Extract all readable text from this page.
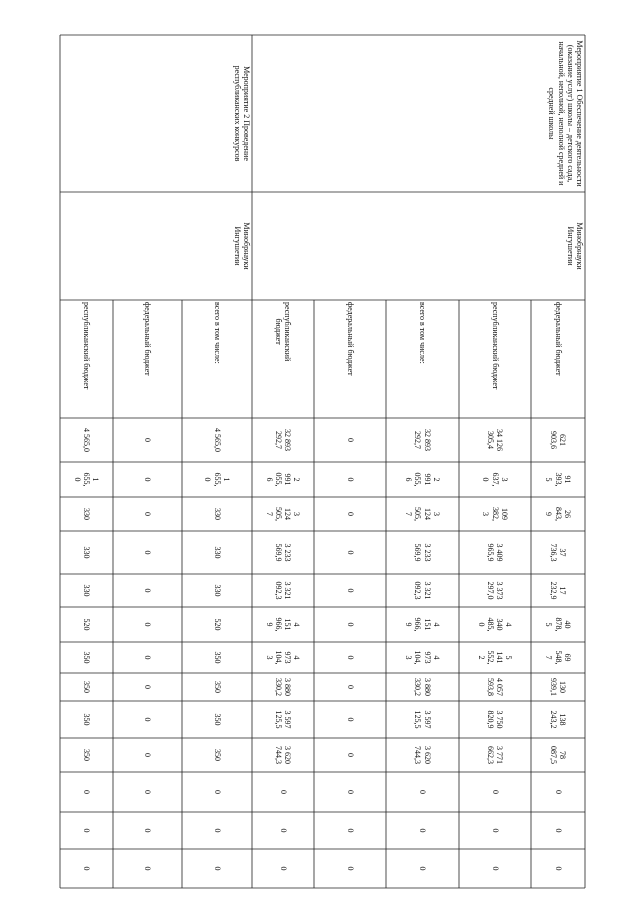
Мероприятие 1 Обеспечение деятельности (оказание услуг) школы – детского сада, начальной, неполной, неполной средней и средней школы
Минобрнауки
Ингушетии
Мероприятие 2 Проведение республиканских конкурсов
Минобрнауки
Ингушетии
федеральный бюджет
621
903,6
91
393,
5
26
843,
9
37
736,3
17
232,9
40
878,
5
69
548,
7
130
939,1
138
243,2
78
087,5
0
0
0
республиканский бюджет
34 126
305,4
3
637,
0
109
382,
3
3 409
965,9
3 373
297,0
4
340
485,
0
5
141
552,
2
4 057
593,8
3 750
820,9
3 771
662,3
0
0
0
всего в том числе:
32 893
292,7
2
991
055,
6
3
124
505,
7
3 233
569,9
3 321
092,3
4
151
966,
9
4
973
104,
3
3 880
330,2
3 597
125,5
3 620
744,3
0
0
0
федеральный бюджет
0
0
0
0
0
0
0
0
0
0
0
0
0
республиканский
бюджет
32 893
292,7
2
991
055,
6
3
124
505,
7
3 233
569,9
3 321
092,3
4
151
966,
9
4
973
104,
3
3 880
330,2
3 597
125,5
3 620
744,3
0
0
0
всего в том числе:
4 565,0
1
655,
0
330
330
330
520
350
350
350
350
0
0
0
федеральный бюджет
0
0
0
0
0
0
0
0
0
0
0
0
0
республиканский бюджет
4 565,0
1
655,
0
330
330
330
520
350
350
350
350
0
0
0
